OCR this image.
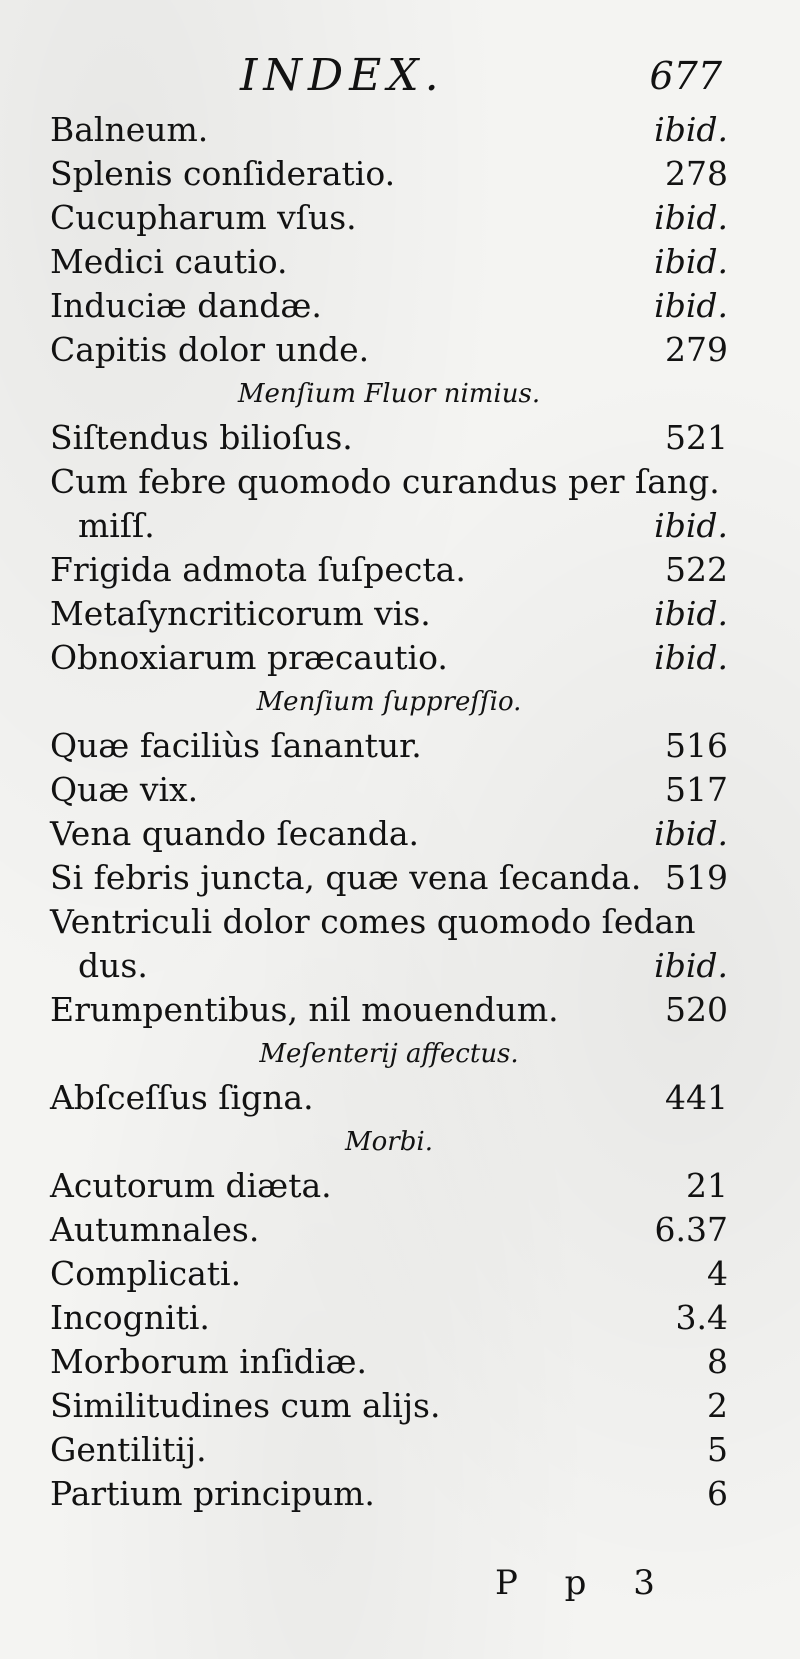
INDEX.	677
Balneum.	ibid.
Splenis conſideratio.	278
Cucupharum vſus.	ibid.
Medici cautio.	ibid.
Induciæ dandæ.	ibid.
Capitis dolor unde.	279
Menſium Fluor nimius.
Siſtendus bilioſus.	521
Cum febre quomodo curandus per ſang.
miſſ.	ibid.
Frigida admota ſuſpecta.	522
Metaſyncriticorum vis.	ibid.
Obnoxiarum præcautio.	ibid.
Menſium ſuppreſſio.
Quæ faciliùs ſanantur.	516
Quæ vix.	517
Vena quando ſecanda.	ibid.
Si febris juncta, quæ vena ſecanda. 519
Ventriculi dolor comes quomodo ſedan
dus.	ibid.
Erumpentibus, nil mouendum.	520
Meſenterij affectus.
Abſceſſus ſigna.	441
Morbi.
Acutorum diæta.	21
Autumnales.	6.37
Complicati.	4
Incogniti.	3.4
Morborum inſidiæ.	8
Similitudines cum alijs.	2
Gentilitij.	5
Partium principum.	6
P p 3
